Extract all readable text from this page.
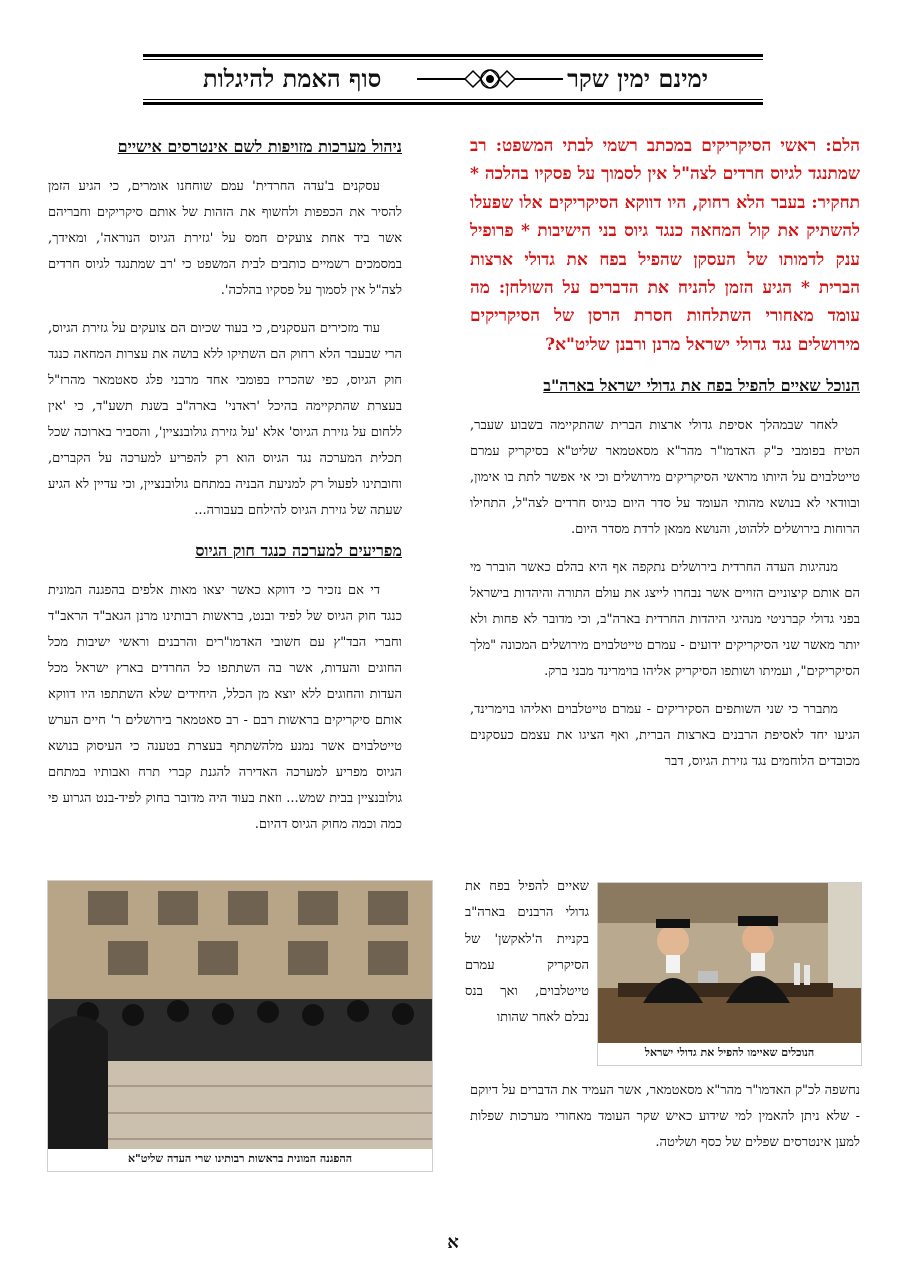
ימינם ימין שקר
סוף האמת להיגלות
הלם: ראשי הסיקריקים במכתב רשמי לבתי המשפט: רב שמתנגד לגיוס חרדים לצה"ל אין לסמוך על פסקיו בהלכה * תחקיר: בעבר הלא רחוק, היו דווקא הסיקריקים אלו שפעלו להשתיק את קול המחאה כנגד גיוס בני הישיבות * פרופיל ענק לדמותו של העסקן שהפיל בפח את גדולי ארצות הברית * הגיע הזמן להניח את הדברים על השולחן: מה עומד מאחורי השתלחות חסרת הרסן של הסיקריקים מירושלים נגד גדולי ישראל מרנן ורבנן שליט"א?
הנוכל שאיים להפיל בפח את גדולי ישראל בארה"ב

לאחר שבמהלך אסיפת גדולי ארצות הברית שהתקיימה בשבוע שעבר, הטיח בפומבי כ"ק האדמו"ר מהר"א מסאטמאר שליט"א בסיקריק עמרם טייטלבוים על היותו מראשי הסיקריקים מירושלים וכי אי אפשר לתת בו אימון, ובוודאי לא בנושא מהותי העומד על סדר היום כגיוס חרדים לצה"ל, התחילו הרוחות בירושלים ללהוט, והנושא ממאן לרדת מסדר היום.

מנהיגות העדה החרדית בירושלים נתקפה אף היא בהלם כאשר הוברר מי הם אותם קיצוניים הזויים אשר נבחרו לייצג את עולם התורה והיהדות בישראל בפני גדולי קברניטי מנהיגי היהדות החרדית בארה"ב, וכי מדובר לא פחות ולא יותר מאשר שני הסיקריקים ידועים - עמרם טייטלבוים מירושלים המכונה "מלך הסיקריקים", ועמיתו ושותפו הסיקריק אליהו בוימרינד מבני ברק.

מתברר כי שני השותפים הסקיריקים - עמרם טייטלבוים ואליהו בוימרינד, הגיעו יחד לאסיפת הרבנים בארצות הברית, ואף הציגו את עצמם כעסקנים מכובדים הלוחמים נגד גזירת הגיוס, דבר

הנוכלים שאיימו להפיל את גדולי ישראל

שאיים להפיל בפח את גדולי הרבנים בארה"ב בקניית ה'לאקשן' של הסיקריק עמרם טייטלבוים, ואך בנס נבלם לאחר שהותו

נחשפה לכ"ק האדמו"ר מהר"א מסאטמאר, אשר העמיד את הדברים על דיוקם - שלא ניתן להאמין למי שידוע כאיש שקר העומד מאחורי מערכות שפלות למען אינטרסים שפלים של כסף ושליטה.

ניהול מערכות מזויפות לשם אינטרסים אישיים

עסקנים ב'עדה החרדית' עמם שוחחנו אומרים, כי הגיע הזמן להסיר את הכפפות ולחשוף את הזהות של אותם סיקריקים וחבריהם אשר ביד אחת צועקים חמס על 'גזירת הגיוס הנוראה', ומאידך, במסמכים רשמיים כותבים לבית המשפט כי 'רב שמתנגד לגיוס חרדים לצה"ל אין לסמוך על פסקיו בהלכה'.

עוד מזכירים העסקנים, כי בעוד שכיום הם צועקים על גזירת הגיוס, הרי שבעבר הלא רחוק הם השתיקו ללא בושה את עצרות המחאה כנגד חוק הגיוס, כפי שהכריז בפומבי אחד מרבני פלג סאטמאר מהרז"ל בעצרת שהתקיימה בהיכל 'ראדני' בארה"ב בשנת תשע"ד, כי 'אין ללחום על גזירת הגיוס' אלא 'על גזירת גולובנציין', והסביר בארוכה שכל תכלית המערכה נגד הגיוס הוא רק להפריע למערכה על הקברים, וחובתינו לפעול רק למניעת הבניה במתחם גולובנציין, וכי עדיין לא הגיע שעתה של גזירת הגיוס להילחם בעבורה...

מפריעים למערכה כנגד חוק הגיוס

די אם נזכיר כי דווקא כאשר יצאו מאות אלפים בהפגנה המונית כנגד חוק הגיוס של לפיד ובנט, בראשות רבותינו מרנן הגאב"ד הראב"ד וחברי הבד"ץ עם חשובי האדמו"רים והרבנים וראשי ישיבות מכל החוגים והעדות, אשר בה השתתפו כל החרדים בארץ ישראל מכל העדות והחוגים ללא יוצא מן הכלל, היחידים שלא השתתפו היו דווקא אותם סיקריקים בראשות רבם - רב סאטמאר בירושלים ר' חיים הערש טייטלבוים אשר נמנע מלהשתתף בעצרת בטענה כי העיסוק בנושא הגיוס מפריע למערכה האדירה להגנת קברי תרח ואבותיו במתחם גולובנציין בבית שמש... וזאת בעוד היה מדובר בחוק לפיד-בנט הגרוע פי כמה וכמה מחוק הגיוס דהיום.

ההפגנה המונית בראשות רבותינו שרי העדה שליט"א
א
